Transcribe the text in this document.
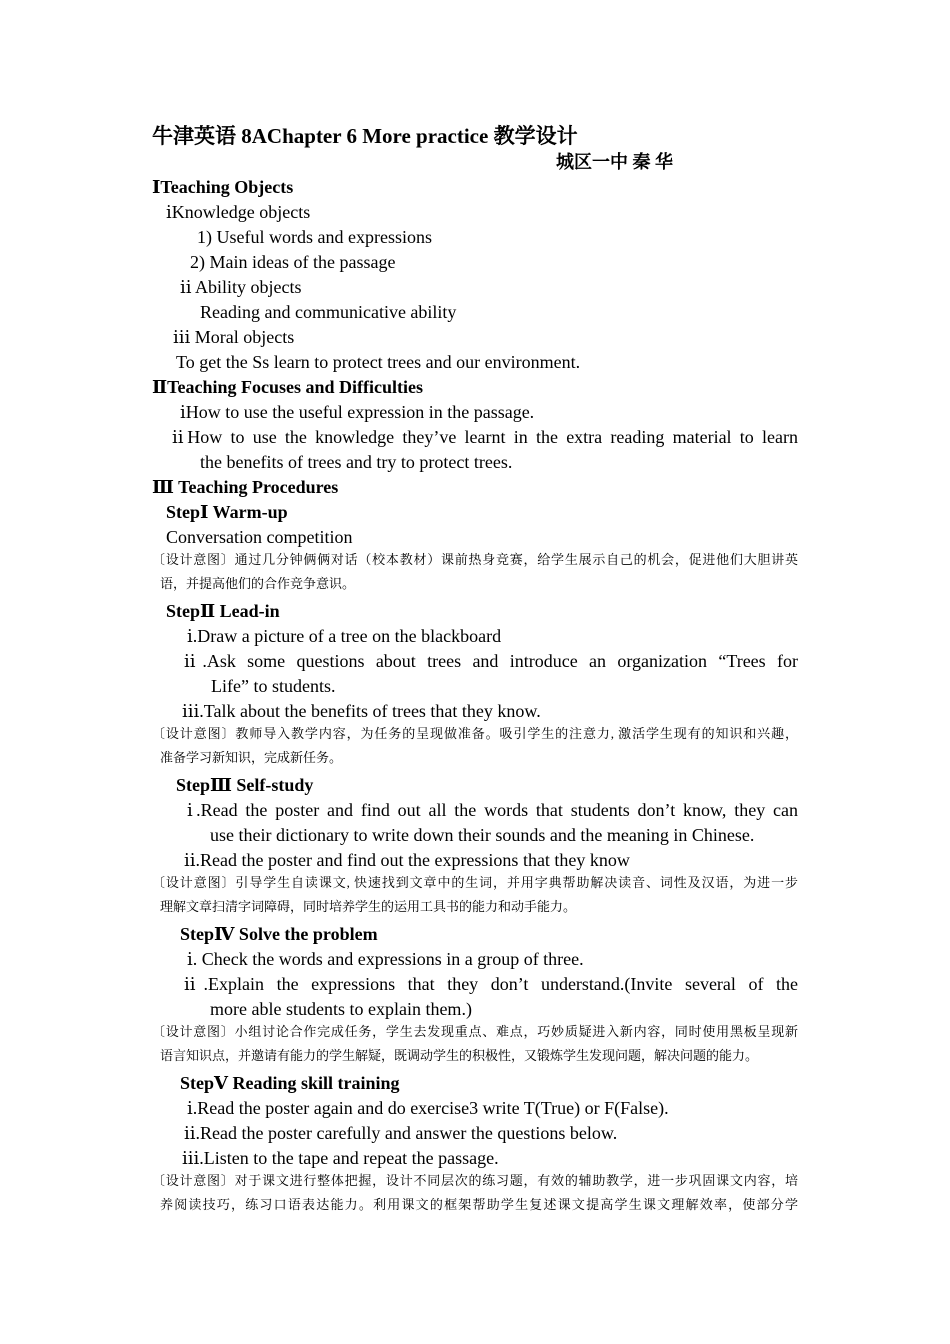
牛津英语 8AChapter 6 More practice 教学设计
城区一中 秦 华
ⅠTeaching Objects
ⅰKnowledge objects
1) Useful words and expressions
2) Main ideas of the passage
ⅱ Ability objects
Reading and communicative ability
ⅲ Moral objects
To get the Ss learn to protect trees and our environment.
ⅡTeaching Focuses and Difficulties
ⅰHow to use the useful expression in the passage.
ⅱHow to use the knowledge they’ve learnt in the extra reading material to learn
the benefits of trees and try to protect trees.
Ⅲ Teaching Procedures
StepⅠ Warm-up
Conversation competition
〔设计意图〕通过几分钟俩俩对话（校本教材）课前热身竞赛，给学生展示自己的机会，促进他们大胆讲英
语，并提高他们的合作竞争意识。
StepⅡ Lead-in
ⅰ.Draw a picture of a tree on the blackboard
ⅱ.Ask some questions about trees and introduce an organization “Trees for
Life” to students.
ⅲ.Talk about the benefits of trees that they know.
〔设计意图〕教师导入教学内容，为任务的呈现做准备。吸引学生的注意力, 激活学生现有的知识和兴趣，
准备学习新知识，完成新任务。
StepⅢ Self-study
ⅰ.Read the poster and find out all the words that students don’t know, they can
use their dictionary to write down their sounds and the meaning in Chinese.
ⅱ.Read the poster and find out the expressions that they know
〔设计意图〕引导学生自读课文, 快速找到文章中的生词，并用字典帮助解决读音、词性及汉语，为进一步
理解文章扫清字词障碍，同时培养学生的运用工具书的能力和动手能力。
StepⅣ Solve the problem
ⅰ. Check the words and expressions in a group of three.
ⅱ.Explain the expressions that they don’t understand.(Invite several of the
more able students to explain them.)
〔设计意图〕小组讨论合作完成任务，学生去发现重点、难点，巧妙质疑进入新内容，同时使用黑板呈现新
语言知识点，并邀请有能力的学生解疑，既调动学生的积极性，又锻炼学生发现问题，解决问题的能力。
StepⅤ Reading skill training
ⅰ.Read the poster again and do exercise3 write T(True) or F(False).
ⅱ.Read the poster carefully and answer the questions below.
ⅲ.Listen to the tape and repeat the passage.
〔设计意图〕对于课文进行整体把握，设计不同层次的练习题，有效的辅助教学，进一步巩固课文内容，培
养阅读技巧，练习口语表达能力。利用课文的框架帮助学生复述课文提高学生课文理解效率，使部分学
